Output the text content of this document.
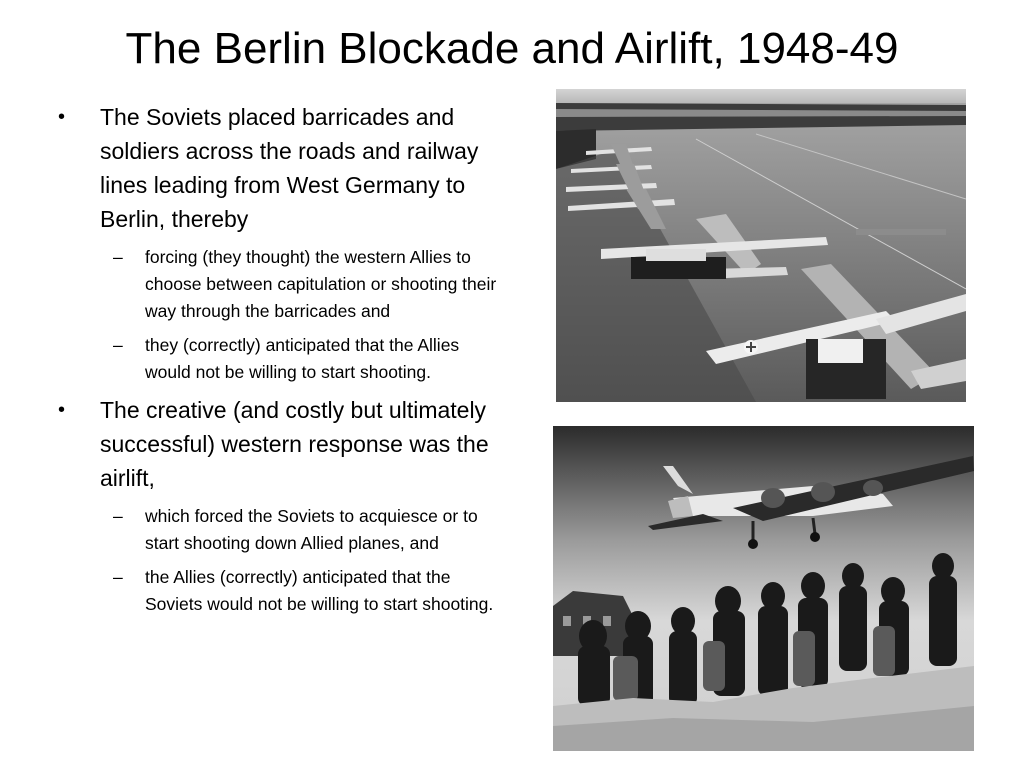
The Berlin Blockade and Airlift, 1948-49
•	The Soviets placed barricades and soldiers across the roads and railway lines leading from West Germany to Berlin, thereby
– forcing (they thought) the western Allies to choose between capitulation or shooting their way through the barricades and
– they (correctly) anticipated that the Allies would not be willing to start shooting.
•	The creative (and costly but ultimately successful) western response was the airlift,
– which forced the Soviets to acquiesce or to start shooting down Allied planes, and
– the Allies (correctly) anticipated that the Soviets would not be willing to start shooting.
